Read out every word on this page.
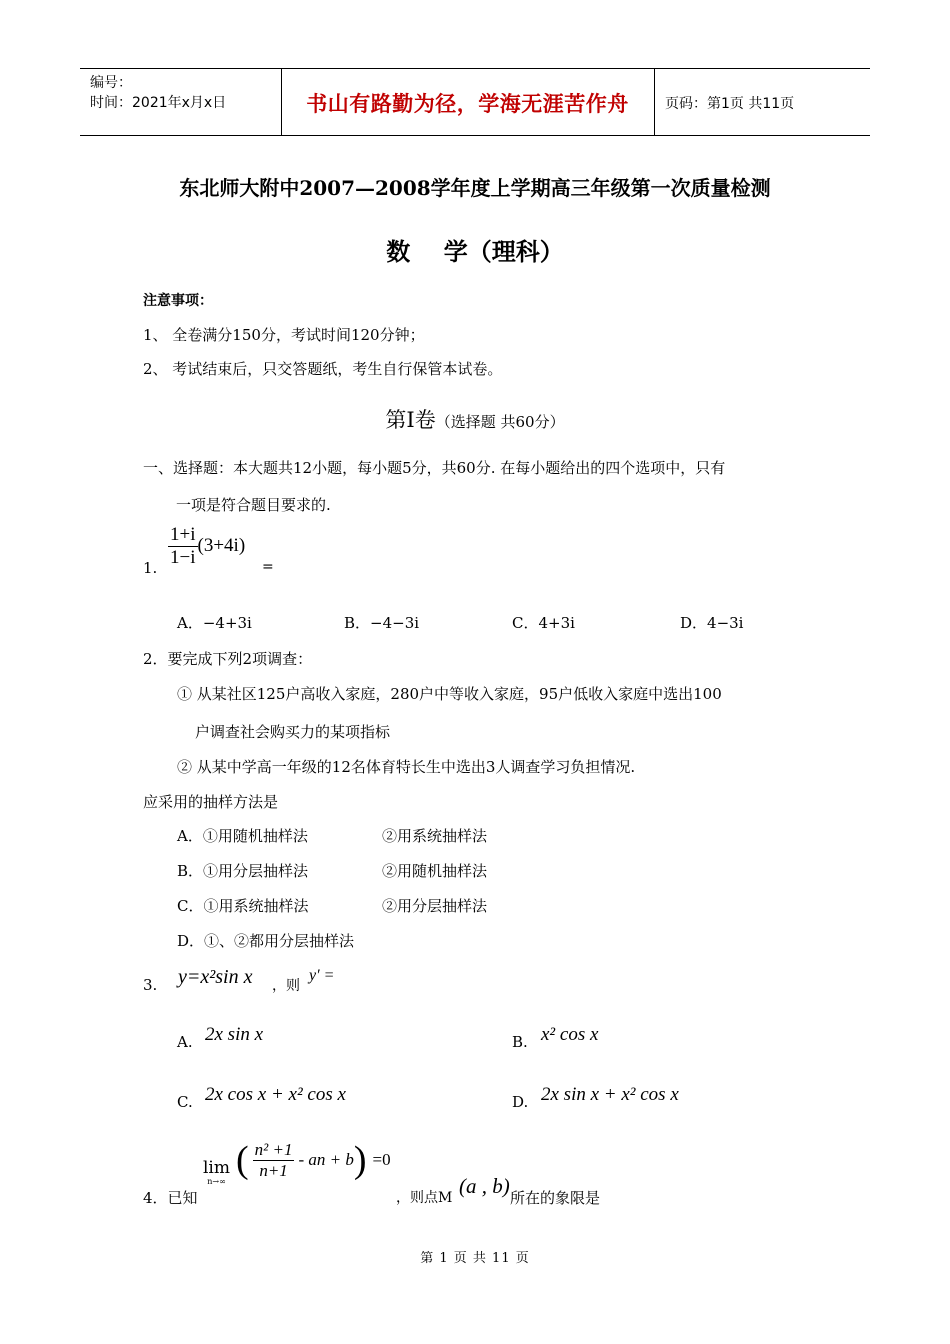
编号：
时间：2021年x月x日	书山有路勤为径，学海无涯苦作舟	页码：第1页 共11页
东北师大附中2007—2008学年度上学期高三年级第一次质量检测
数    学（理科）
注意事项：
1、 全卷满分150分，考试时间120分钟；
2、 考试结束后，只交答题纸，考生自行保管本试卷。
第Ⅰ卷（选择题 共60分）
一、选择题：本大题共12小题，每小题5分，共60分. 在每小题给出的四个选项中，只有
一项是符合题目要求的.
1. $\frac{1+i}{1-i} (3+4i)$
=
A．−4+3i	B．−4−3i	C．4+3i	D．4−3i
2．要完成下列2项调查：
① 从某社区125户高收入家庭，280户中等收入家庭，95户低收入家庭中选出100
户调查社会购买力的某项指标
② 从某中学高一年级的12名体育特长生中选出3人调查学习负担情况.
应采用的抽样方法是
A．①用随机抽样法	②用系统抽样法
B．①用分层抽样法	②用随机抽样法
C．①用系统抽样法	②用分层抽样法
D．①、②都用分层抽样法
3. y=x²sin x ，则
y′ =
A. 2x sin x	B. x² cos x
C. 2x cos x + x² cos x	D. 2x sin x + x² cos x
4．已知
lim
n→∞
( $\frac{\text{n² +1}}{n+1}$ - an + b ) =0
，则点M (a , b) 所在的象限是
第 1 页 共 11 页
